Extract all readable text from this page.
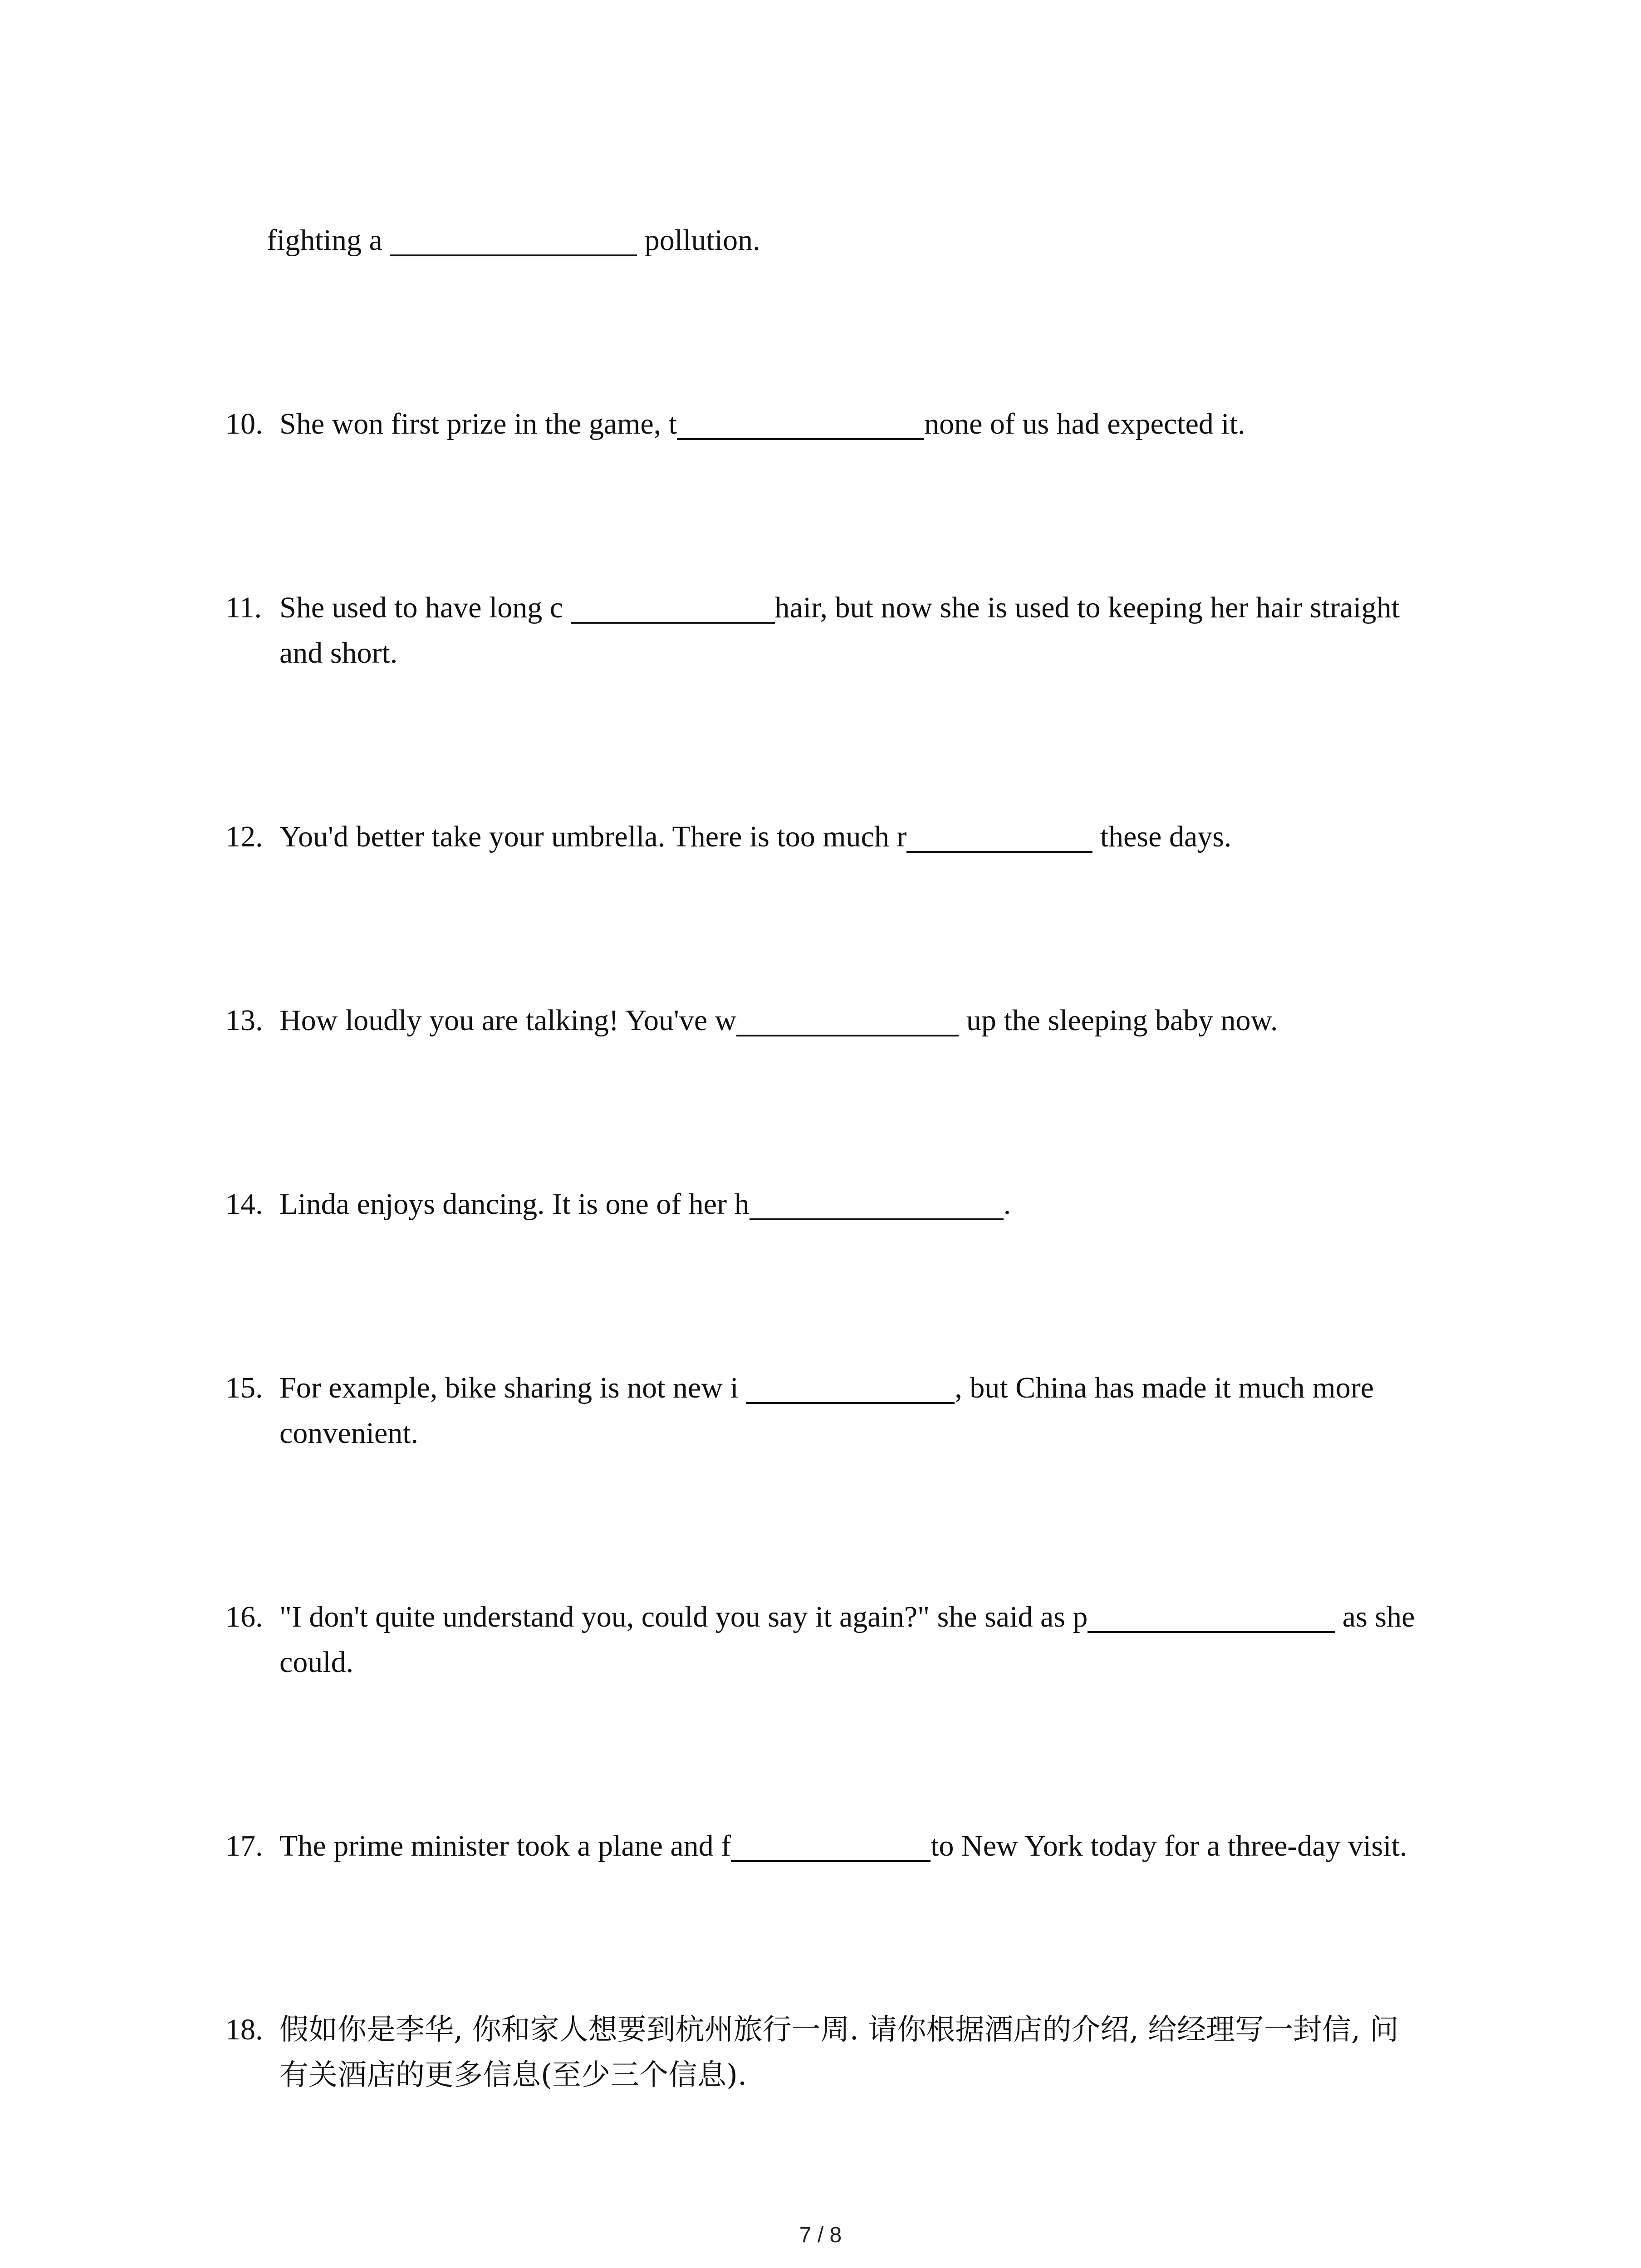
fighting a	pollution.
10. She won first prize in the game, t	none of us had expected it.
11. She used to have long c	hair, but now she is used to keeping her hair straight
and short.
12. You'd better take your umbrella. There is too much r	these days.
13. How loudly you are talking! You've w	up the sleeping baby now.
14. Linda enjoys dancing. It is one of her h	.
15. For example, bike sharing is not new i	, but China has made it much more
convenient.
16. "I don't quite understand you, could you say it again?" she said as p	as she
could.
17. The prime minister took a plane and f	to New York today for a three-day visit.
18. 假如你是李华, 你和家人想要到杭州旅行一周. 请你根据酒店的介绍, 给经理写一封信, 问
有关酒店的更多信息(至少三个信息).
7 / 8
